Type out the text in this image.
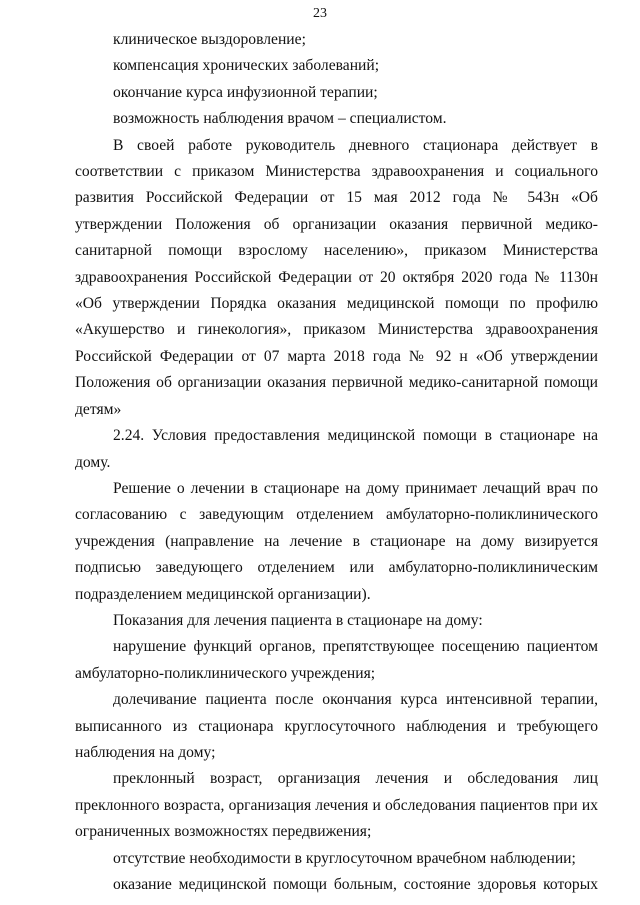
23

клиническое выздоровление;

компенсация хронических заболеваний;

окончание курса инфузионной терапии;

возможность наблюдения врачом – специалистом.

В своей работе руководитель дневного стационара действует в соответствии с приказом Министерства здравоохранения и социального развития Российской Федерации от 15 мая 2012 года № 543н «Об утверждении Положения об организации оказания первичной медико-санитарной помощи взрослому населению», приказом Министерства здравоохранения Российской Федерации от 20 октября 2020 года № 1130н «Об утверждении Порядка оказания медицинской помощи по профилю «Акушерство и гинекология», приказом Министерства здравоохранения Российской Федерации от 07 марта 2018 года № 92 н «Об утверждении Положения об организации оказания первичной медико-санитарной помощи детям»

2.24. Условия предоставления медицинской помощи в стационаре на дому.

Решение о лечении в стационаре на дому принимает лечащий врач по согласованию с заведующим отделением амбулаторно-поликлинического учреждения (направление на лечение в стационаре на дому визируется подписью заведующего отделением или амбулаторно-поликлиническим подразделением медицинской организации).

Показания для лечения пациента в стационаре на дому:

нарушение функций органов, препятствующее посещению пациентом амбулаторно-поликлинического учреждения;

долечивание пациента после окончания курса интенсивной терапии, выписанного из стационара круглосуточного наблюдения и требующего наблюдения на дому;

преклонный возраст, организация лечения и обследования лиц преклонного возраста, организация лечения и обследования пациентов при их ограниченных возможностях передвижения;

отсутствие необходимости в круглосуточном врачебном наблюдении;

оказание медицинской помощи больным, состояние здоровья которых
